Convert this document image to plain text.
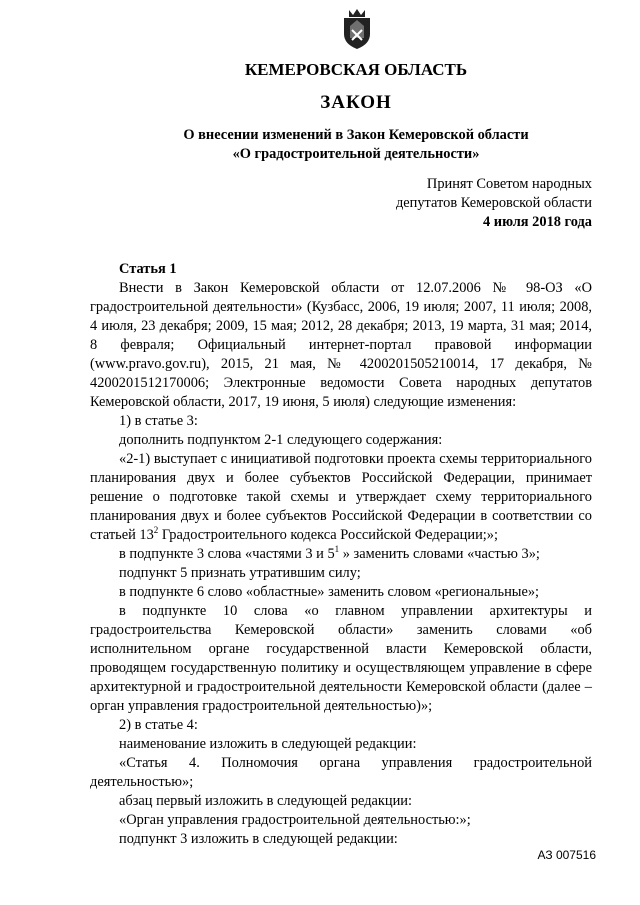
КЕМЕРОВСКАЯ ОБЛАСТЬ
ЗАКОН
О внесении изменений в Закон Кемеровской области
«О градостроительной деятельности»
Принят Советом народных
депутатов Кемеровской области
4 июля 2018 года

Статья 1

Внести в Закон Кемеровской области от 12.07.2006 № 98-ОЗ «О градостроительной деятельности» (Кузбасс, 2006, 19 июля; 2007, 11 июля; 2008, 4 июля, 23 декабря; 2009, 15 мая; 2012, 28 декабря; 2013, 19 марта, 31 мая; 2014, 8 февраля; Официальный интернет-портал правовой информации (www.pravo.gov.ru), 2015, 21 мая, № 4200201505210014, 17 декабря, № 4200201512170006; Электронные ведомости Совета народных депутатов Кемеровской области, 2017, 19 июня, 5 июля) следующие изменения:

1) в статье 3:

дополнить подпунктом 2-1 следующего содержания:

«2-1) выступает с инициативой подготовки проекта схемы территориального планирования двух и более субъектов Российской Федерации, принимает решение о подготовке такой схемы и утверждает схему территориального планирования двух и более субъектов Российской Федерации в соответствии со статьей $13^2$ Градостроительного кодекса Российской Федерации;»;

в подпункте 3 слова «частями 3 и $5^1$ » заменить словами «частью 3»;

подпункт 5 признать утратившим силу;

в подпункте 6 слово «областные» заменить словом «региональные»;

в подпункте 10 слова «о главном управлении архитектуры и градостроительства Кемеровской области» заменить словами «об исполнительном органе государственной власти Кемеровской области, проводящем государственную политику и осуществляющем управление в сфере архитектурной и градостроительной деятельности Кемеровской области (далее – орган управления градостроительной деятельностью)»;

2) в статье 4:

наименование изложить в следующей редакции:

«Статья 4. Полномочия органа управления градостроительной деятельностью»;

абзац первый изложить в следующей редакции:

«Орган управления градостроительной деятельностью:»;

подпункт 3 изложить в следующей редакции:

АЗ 007516
